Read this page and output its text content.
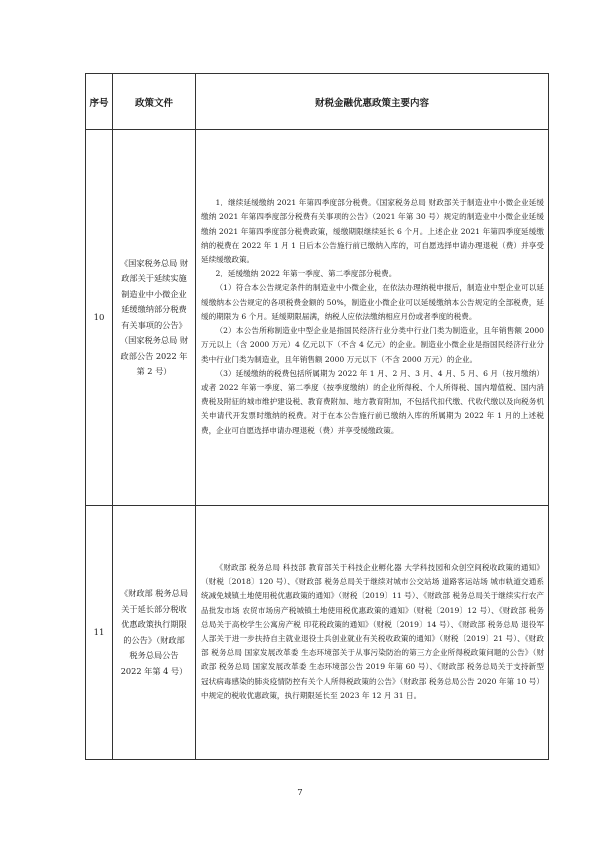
序号	政策文件	财税金融优惠政策主要内容
10	《国家税务总局 财政部关于延续实施制造业中小微企业延缓缴纳部分税费有关事项的公告》（国家税务总局 财政部公告 2022 年第 2 号）	1．继续延缓缴纳 2021 年第四季度部分税费。《国家税务总局 财政部关于制造业中小微企业延缓缴纳 2021 年第四季度部分税费有关事项的公告》（2021 年第 30 号）规定的制造业中小微企业延缓缴纳 2021 年第四季度部分税费政策，缓缴期限继续延长 6 个月。上述企业 2021 年第四季度延缓缴纳的税费在 2022 年 1 月 1 日后本公告施行前已缴纳入库的，可自愿选择申请办理退税（费）并享受延续缓缴政策。

2．延缓缴纳 2022 年第一季度、第二季度部分税费。

（1）符合本公告规定条件的制造业中小微企业，在依法办理纳税申报后，制造业中型企业可以延缓缴纳本公告规定的各项税费金额的 50%，制造业小微企业可以延缓缴纳本公告规定的全部税费，延缓的期限为 6 个月。延缓期限届满，纳税人应依法缴纳相应月份或者季度的税费。

（2）本公告所称制造业中型企业是指国民经济行业分类中行业门类为制造业，且年销售额 2000 万元以上（含 2000 万元）4 亿元以下（不含 4 亿元）的企业。制造业小微企业是指国民经济行业分类中行业门类为制造业，且年销售额 2000 万元以下（不含 2000 万元）的企业。

（3）延缓缴纳的税费包括所属期为 2022 年 1 月、2 月、3 月、4 月、5 月、6 月（按月缴纳）或者 2022 年第一季度、第二季度（按季度缴纳）的企业所得税、个人所得税、国内增值税、国内消费税及附征的城市维护建设税、教育费附加、地方教育附加，不包括代扣代缴、代收代缴以及向税务机关申请代开发票时缴纳的税费。对于在本公告施行前已缴纳入库的所属期为 2022 年 1 月的上述税费，企业可自愿选择申请办理退税（费）并享受缓缴政策。

11	《财政部 税务总局关于延长部分税收优惠政策执行期限的公告》（财政部 税务总局公告 2022 年第 4 号）	《财政部 税务总局 科技部 教育部关于科技企业孵化器 大学科技园和众创空间税收政策的通知》（财税〔2018〕120 号）、《财政部 税务总局关于继续对城市公交站场 道路客运站场 城市轨道交通系统减免城镇土地使用税优惠政策的通知》（财税〔2019〕11 号）、《财政部 税务总局关于继续实行农产品批发市场 农贸市场房产税城镇土地使用税优惠政策的通知》（财税〔2019〕12 号）、《财政部 税务总局关于高校学生公寓房产税 印花税政策的通知》（财税〔2019〕14 号）、《财政部 税务总局 退役军人部关于进一步扶持自主就业退役士兵创业就业有关税收政策的通知》（财税〔2019〕21 号）、《财政部 税务总局 国家发展改革委 生态环境部关于从事污染防治的第三方企业所得税政策问题的公告》（财政部 税务总局 国家发展改革委 生态环境部公告 2019 年第 60 号）、《财政部 税务总局关于支持新型冠状病毒感染的肺炎疫情防控有关个人所得税政策的公告》（财政部 税务总局公告 2020 年第 10 号）中规定的税收优惠政策，执行期限延长至 2023 年 12 月 31 日。

7
